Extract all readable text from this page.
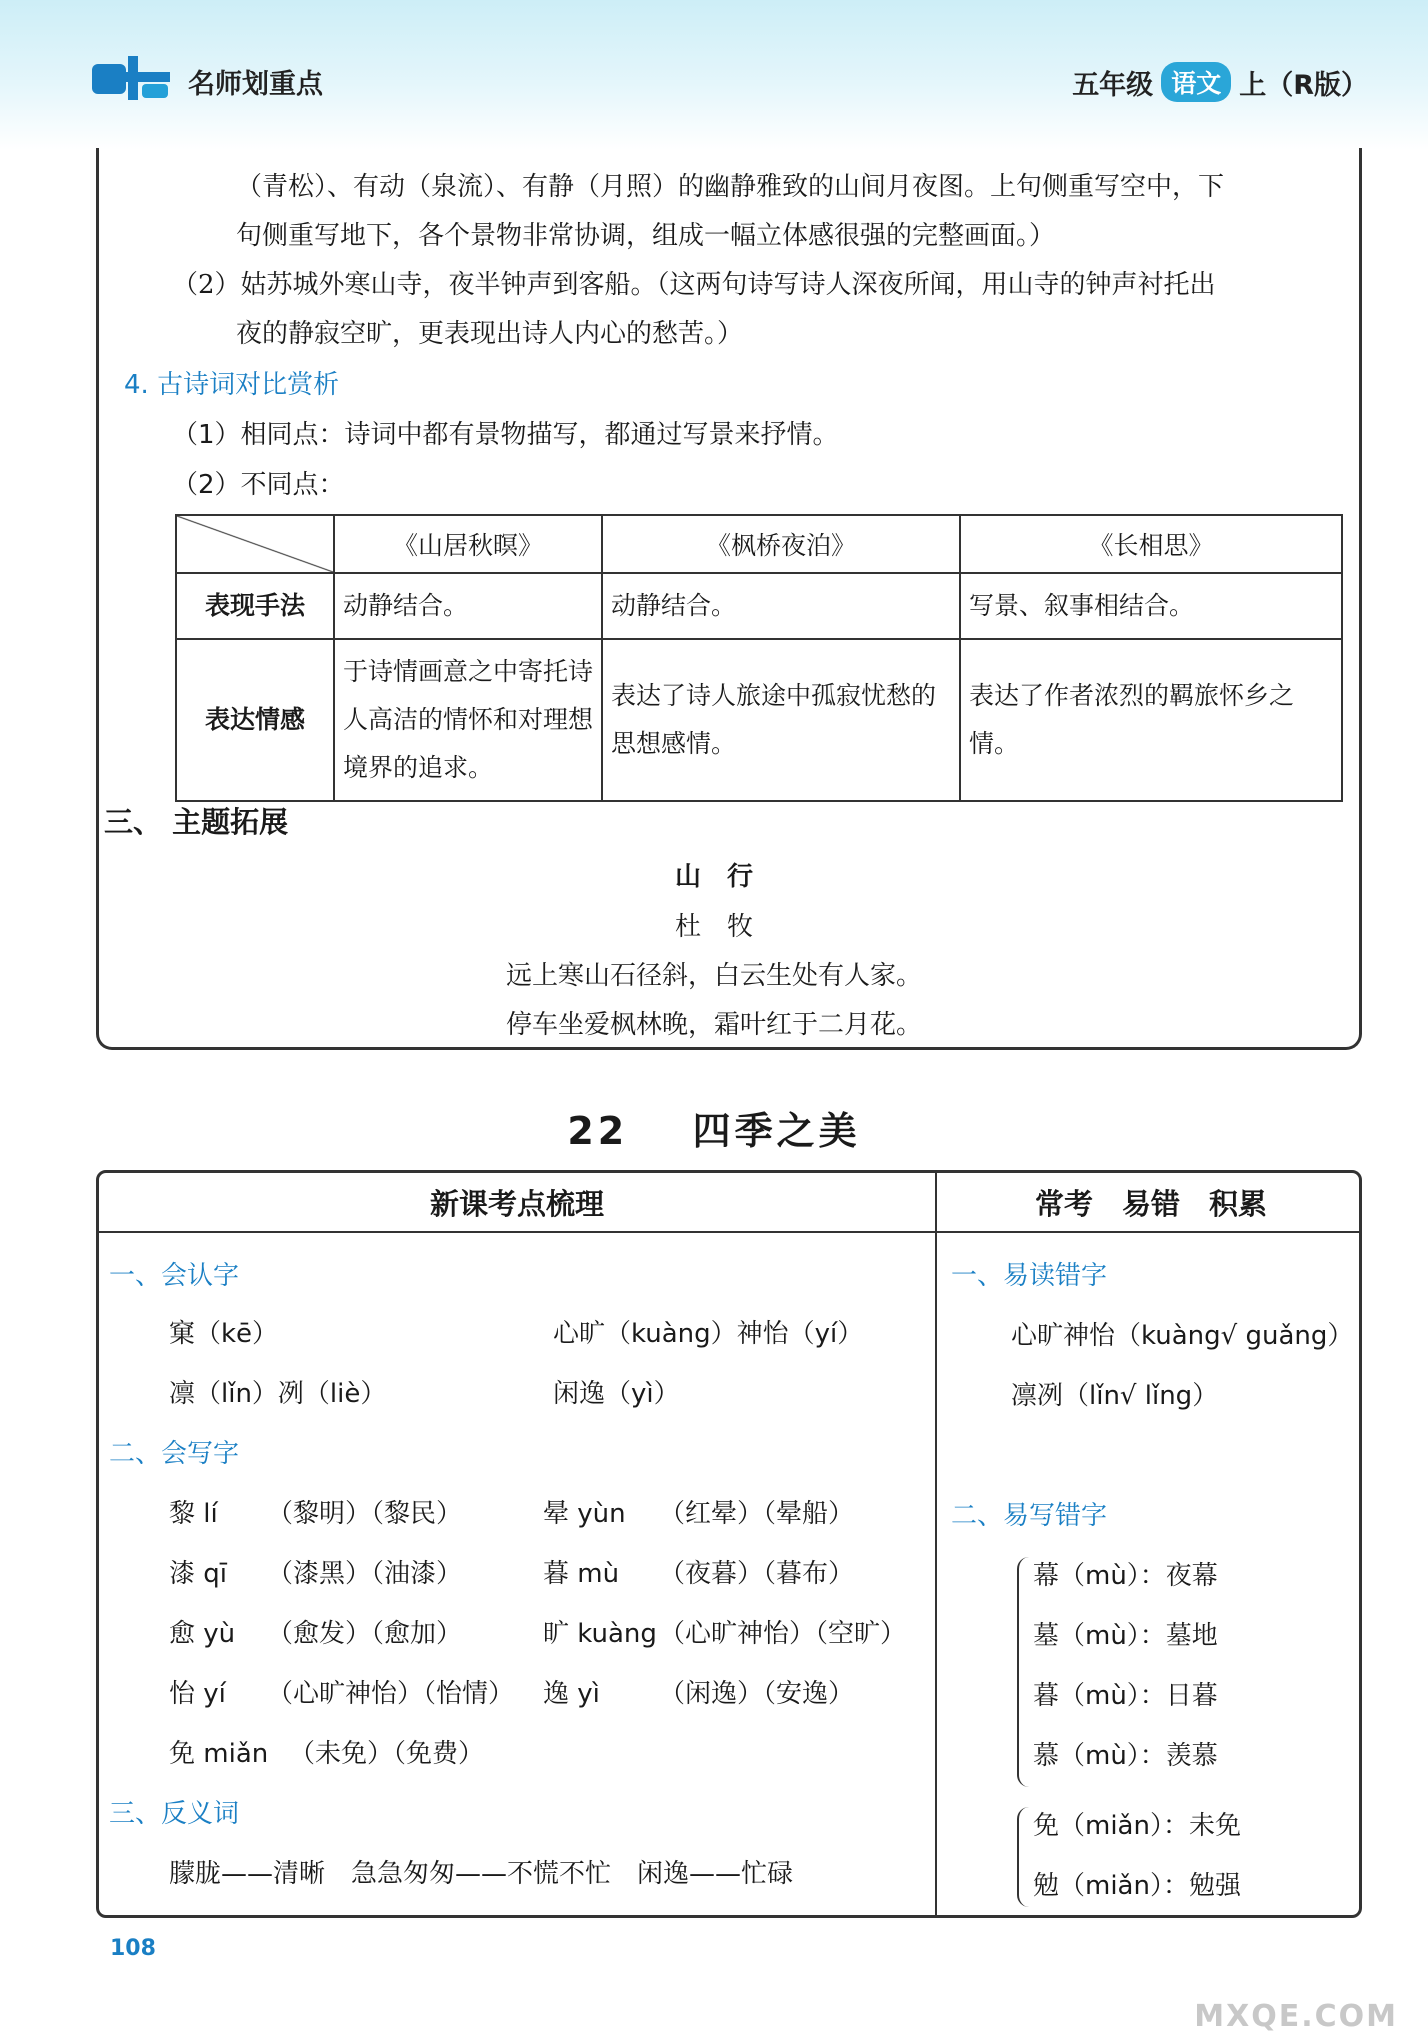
名师划重点	五年级 语文 上（R版）
（青松）、有动（泉流）、有静（月照）的幽静雅致的山间月夜图。上句侧重写空中，下
句侧重写地下，各个景物非常协调，组成一幅立体感很强的完整画面。）
（2）姑苏城外寒山寺，夜半钟声到客船。（这两句诗写诗人深夜所闻，用山寺的钟声衬托出
夜的静寂空旷，更表现出诗人内心的愁苦。）
4. 古诗词对比赏析
（1）相同点：诗词中都有景物描写，都通过写景来抒情。
（2）不同点：
	《山居秋暝》	《枫桥夜泊》	《长相思》
表现手法	动静结合。	动静结合。	写景、叙事相结合。
表达情感	于诗情画意之中寄托诗人高洁的情怀和对理想境界的追求。	表达了诗人旅途中孤寂忧愁的思想感情。	表达了作者浓烈的羁旅怀乡之情。
三、 主题拓展
山　行
杜　牧
远上寒山石径斜，白云生处有人家。
停车坐爱枫林晚，霜叶红于二月花。
22 四季之美
新课考点梳理	常考　易错　积累
一、会认字
窠（kē）	心旷（kuàng）神怡（yí）
凛（lǐn）冽（liè）	闲逸（yì）
二、会写字
黎 lí （黎明）（黎民）	晕 yùn （红晕）（晕船）
漆 qī （漆黑）（油漆）	暮 mù （夜暮）（暮布）
愈 yù （愈发）（愈加）	旷 kuàng （心旷神怡）（空旷）
怡 yí （心旷神怡）（怡情） 逸 yì （闲逸）（安逸）
免 miǎn （未免）（免费）
三、反义词
朦胧——清晰　急急匆匆——不慌不忙　闲逸——忙碌
一、易读错字
心旷神怡（kuàng√ guǎng）
凛冽（lǐn√ lǐng）
二、易写错字
幕（mù）：夜幕
墓（mù）：墓地
暮（mù）：日暮
慕（mù）：羡慕
免（miǎn）：未免
勉（miǎn）：勉强
108
MXQE.COM
